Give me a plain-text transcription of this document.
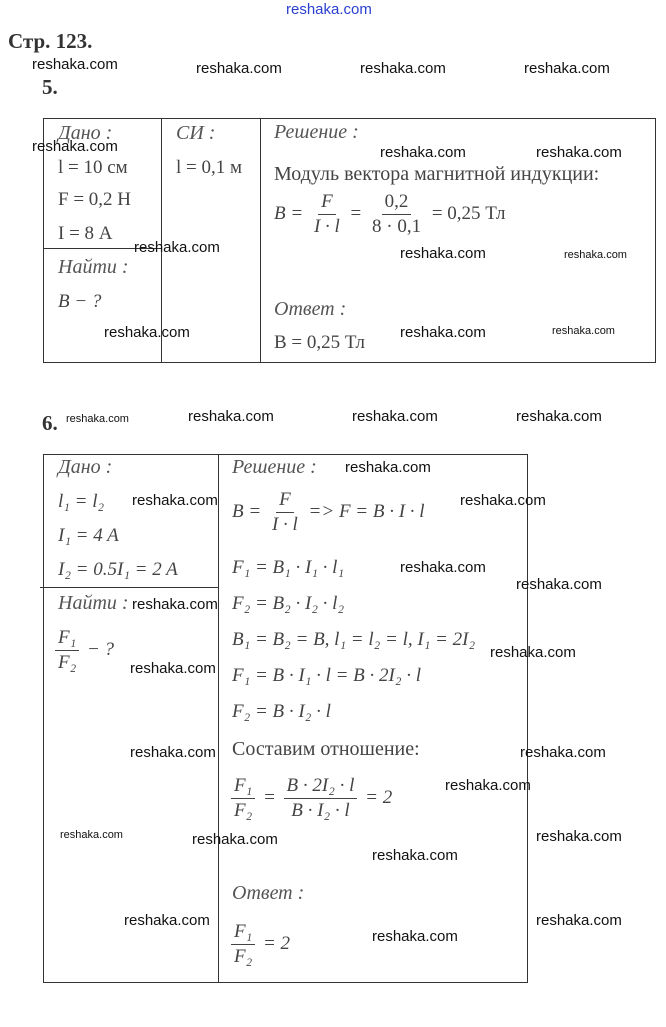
reshaka.com
Стр. 123.
5.
Дано :
l = 10 см
F = 0,2 Н
I = 8 А
Найти :
B − ?
СИ :
l = 0,1 м
Решение :
Модуль вектора магнитной индукции:
$B = \frac{F}{I \cdot l} = \frac{0,2}{8 \cdot 0,1} = 0,25$ Тл
Ответ :
B = 0,25 Тл
6.
Дано :
l₁ = l₂
I₁ = 4 A
I₂ = 0.5I₁ = 2 A
Найти :
$\frac{\text{F₁}}{\text{F₂}}$ − ?
Решение :
$B = \frac{F}{I \cdot l} => F = B \cdot I \cdot l$
F₁ = B₁ · I₁ · l₁
F₂ = B₂ · I₂ · l₂
B₁ = B₂ = B, l₁ = l₂ = l, I₁ = 2I₂
F₁ = B · I₁ · l = B · 2I₂ · l
F₂ = B · I₂ · l
Составим отношение:
$\frac{\text{F₁}}{\text{F₂}} = \frac{\text{B · 2I₂ · l}}{\text{B · I₂ · l}} = 2$
Ответ :
$\frac{\text{F₁}}{\text{F₂}} = 2$
reshaka.com	reshaka.com	reshaka.com	reshaka.com
reshaka.com	reshaka.com	reshaka.com
reshaka.com	reshaka.com	reshaka.com
reshaka.com	reshaka.com	reshaka.com
reshaka.com	reshaka.com	reshaka.com	reshaka.com
reshaka.com
reshaka.com
reshaka.com
reshaka.com
reshaka.com
reshaka.com
reshaka.com
reshaka.com
reshaka.com	reshaka.com
reshaka.com
reshaka.com	reshaka.com	reshaka.com
reshaka.com
reshaka.com	reshaka.com
reshaka.com
